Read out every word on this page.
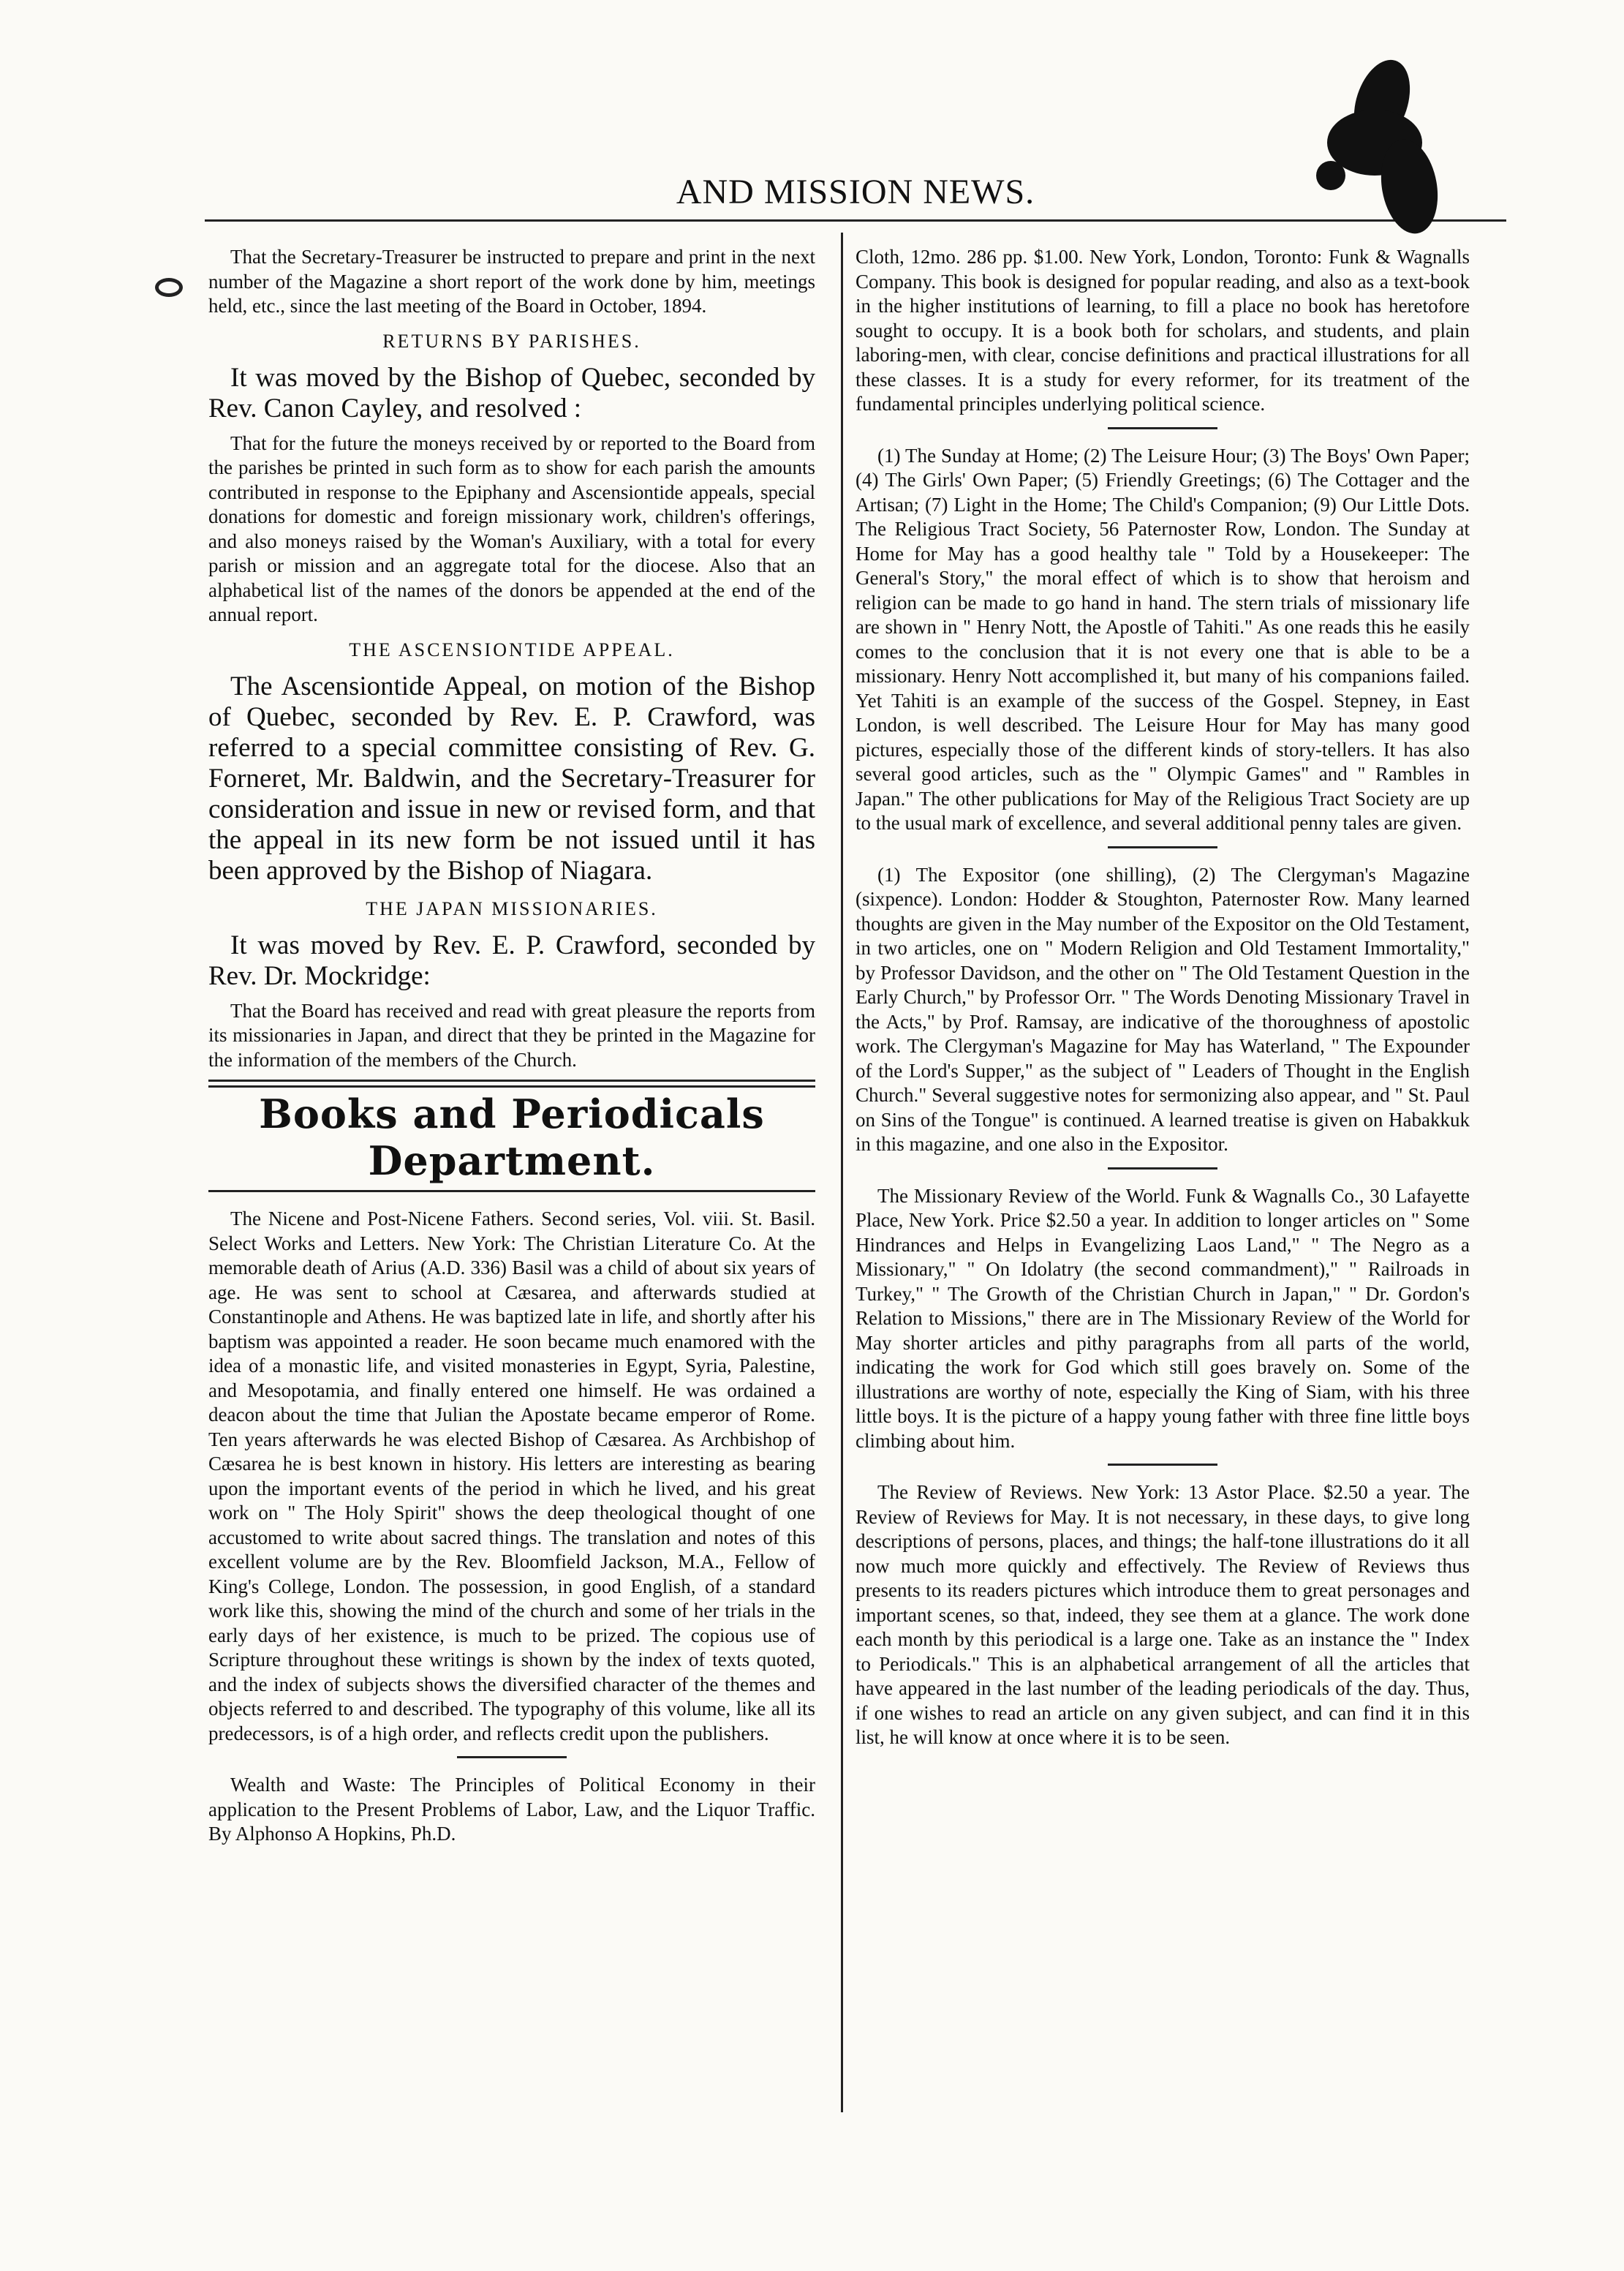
AND MISSION NEWS.

That the Secretary-Treasurer be instructed to prepare and print in the next number of the Magazine a short report of the work done by him, meetings held, etc., since the last meeting of the Board in October, 1894.

RETURNS BY PARISHES.

It was moved by the Bishop of Quebec, seconded by Rev. Canon Cayley, and resolved :

That for the future the moneys received by or reported to the Board from the parishes be printed in such form as to show for each parish the amounts contributed in response to the Epiphany and Ascensiontide appeals, special donations for domestic and foreign missionary work, children's offerings, and also moneys raised by the Woman's Auxiliary, with a total for every parish or mission and an aggregate total for the diocese. Also that an alphabetical list of the names of the donors be appended at the end of the annual report.

THE ASCENSIONTIDE APPEAL.

The Ascensiontide Appeal, on motion of the Bishop of Quebec, seconded by Rev. E. P. Crawford, was referred to a special committee consisting of Rev. G. Forneret, Mr. Baldwin, and the Secretary-Treasurer for consideration and issue in new or revised form, and that the appeal in its new form be not issued until it has been approved by the Bishop of Niagara.

THE JAPAN MISSIONARIES.

It was moved by Rev. E. P. Crawford, seconded by Rev. Dr. Mockridge:

That the Board has received and read with great pleasure the reports from its missionaries in Japan, and direct that they be printed in the Magazine for the information of the members of the Church.

Books and Periodicals Department.

The Nicene and Post-Nicene Fathers. Second series, Vol. viii. St. Basil. Select Works and Letters. New York: The Christian Literature Co. At the memorable death of Arius (A.D. 336) Basil was a child of about six years of age. He was sent to school at Cæsarea, and afterwards studied at Constantinople and Athens. He was baptized late in life, and shortly after his baptism was appointed a reader. He soon became much enamored with the idea of a monastic life, and visited monasteries in Egypt, Syria, Palestine, and Mesopotamia, and finally entered one himself. He was ordained a deacon about the time that Julian the Apostate became emperor of Rome. Ten years afterwards he was elected Bishop of Cæsarea. As Archbishop of Cæsarea he is best known in history. His letters are interesting as bearing upon the important events of the period in which he lived, and his great work on " The Holy Spirit" shows the deep theological thought of one accustomed to write about sacred things. The translation and notes of this excellent volume are by the Rev. Bloomfield Jackson, M.A., Fellow of King's College, London. The possession, in good English, of a standard work like this, showing the mind of the church and some of her trials in the early days of her existence, is much to be prized. The copious use of Scripture throughout these writings is shown by the index of texts quoted, and the index of subjects shows the diversified character of the themes and objects referred to and described. The typography of this volume, like all its predecessors, is of a high order, and reflects credit upon the publishers.

Wealth and Waste: The Principles of Political Economy in their application to the Present Problems of Labor, Law, and the Liquor Traffic. By Alphonso A Hopkins, Ph.D.

Cloth, 12mo. 286 pp. $1.00. New York, London, Toronto: Funk & Wagnalls Company. This book is designed for popular reading, and also as a text-book in the higher institutions of learning, to fill a place no book has heretofore sought to occupy. It is a book both for scholars, and students, and plain laboring-men, with clear, concise definitions and practical illustrations for all these classes. It is a study for every reformer, for its treatment of the fundamental principles underlying political science.

(1) The Sunday at Home; (2) The Leisure Hour; (3) The Boys' Own Paper; (4) The Girls' Own Paper; (5) Friendly Greetings; (6) The Cottager and the Artisan; (7) Light in the Home; The Child's Companion; (9) Our Little Dots. The Religious Tract Society, 56 Paternoster Row, London. The Sunday at Home for May has a good healthy tale " Told by a Housekeeper: The General's Story," the moral effect of which is to show that heroism and religion can be made to go hand in hand. The stern trials of missionary life are shown in " Henry Nott, the Apostle of Tahiti." As one reads this he easily comes to the conclusion that it is not every one that is able to be a missionary. Henry Nott accomplished it, but many of his companions failed. Yet Tahiti is an example of the success of the Gospel. Stepney, in East London, is well described. The Leisure Hour for May has many good pictures, especially those of the different kinds of story-tellers. It has also several good articles, such as the " Olympic Games" and " Rambles in Japan." The other publications for May of the Religious Tract Society are up to the usual mark of excellence, and several additional penny tales are given.

(1) The Expositor (one shilling), (2) The Clergyman's Magazine (sixpence). London: Hodder & Stoughton, Paternoster Row. Many learned thoughts are given in the May number of the Expositor on the Old Testament, in two articles, one on " Modern Religion and Old Testament Immortality," by Professor Davidson, and the other on " The Old Testament Question in the Early Church," by Professor Orr. " The Words Denoting Missionary Travel in the Acts," by Prof. Ramsay, are indicative of the thoroughness of apostolic work. The Clergyman's Magazine for May has Waterland, " The Expounder of the Lord's Supper," as the subject of " Leaders of Thought in the English Church." Several suggestive notes for sermonizing also appear, and " St. Paul on Sins of the Tongue" is continued. A learned treatise is given on Habakkuk in this magazine, and one also in the Expositor.

The Missionary Review of the World. Funk & Wagnalls Co., 30 Lafayette Place, New York. Price $2.50 a year. In addition to longer articles on " Some Hindrances and Helps in Evangelizing Laos Land," " The Negro as a Missionary," " On Idolatry (the second commandment)," " Railroads in Turkey," " The Growth of the Christian Church in Japan," " Dr. Gordon's Relation to Missions," there are in The Missionary Review of the World for May shorter articles and pithy paragraphs from all parts of the world, indicating the work for God which still goes bravely on. Some of the illustrations are worthy of note, especially the King of Siam, with his three little boys. It is the picture of a happy young father with three fine little boys climbing about him.

The Review of Reviews. New York: 13 Astor Place. $2.50 a year. The Review of Reviews for May. It is not necessary, in these days, to give long descriptions of persons, places, and things; the half-tone illustrations do it all now much more quickly and effectively. The Review of Reviews thus presents to its readers pictures which introduce them to great personages and important scenes, so that, indeed, they see them at a glance. The work done each month by this periodical is a large one. Take as an instance the " Index to Periodicals." This is an alphabetical arrangement of all the articles that have appeared in the last number of the leading periodicals of the day. Thus, if one wishes to read an article on any given subject, and can find it in this list, he will know at once where it is to be seen.
